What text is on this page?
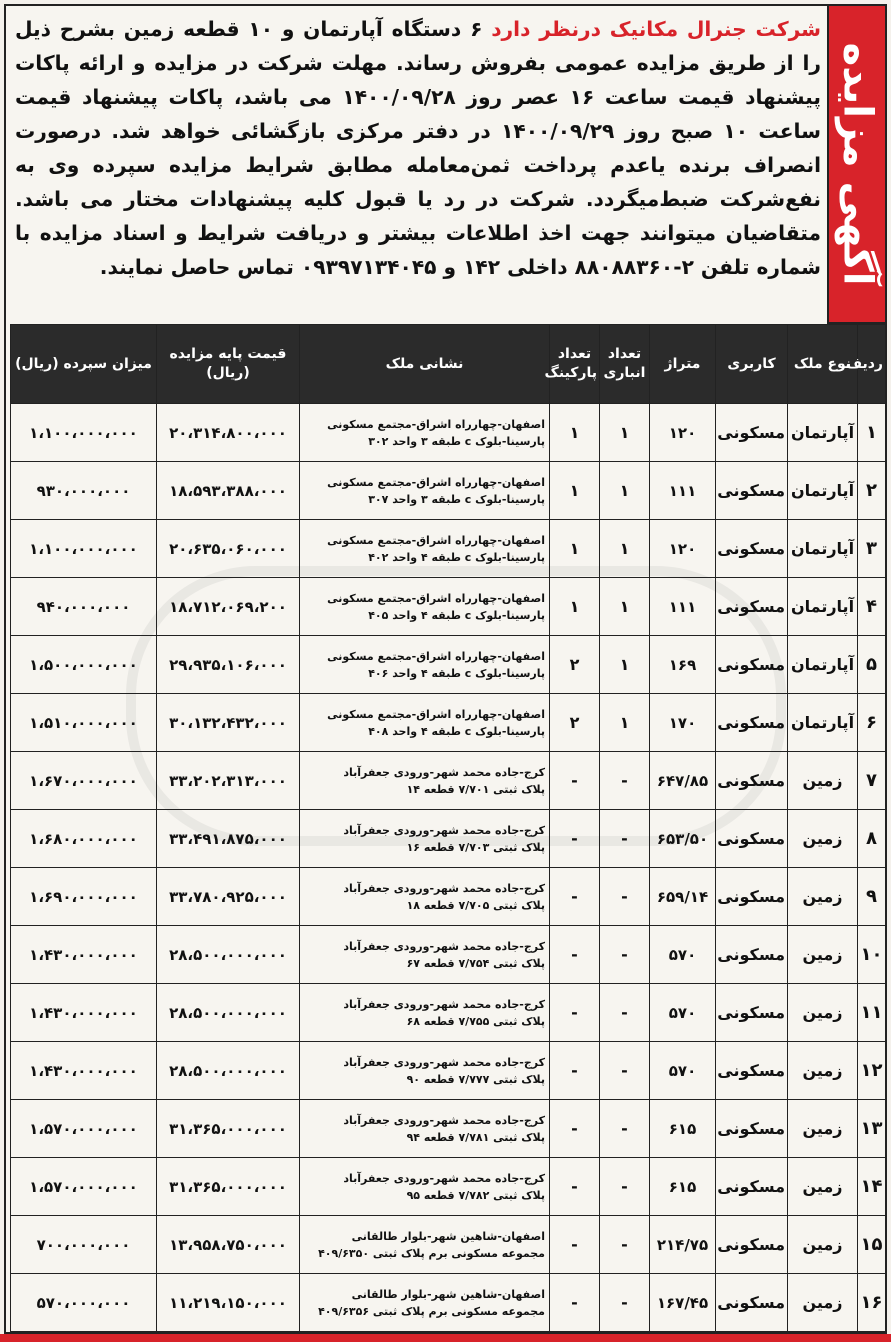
آگهی مزایده
شرکت جنرال مکانیک درنظر دارد ۶ دستگاه آپارتمان و ۱۰ قطعه زمین بشرح ذیل را از طریق مزایده عمومی بفروش رساند. مهلت شرکت در مزایده و ارائه پاکات پیشنهاد قیمت ساعت ۱۶ عصر روز ۱۴۰۰/۰۹/۲۸ می باشد، پاکات پیشنهاد قیمت ساعت ۱۰ صبح روز ۱۴۰۰/۰۹/۲۹ در دفتر مرکزی بازگشائی خواهد شد. درصورت انصراف برنده یاعدم پرداخت ثمن‌معامله مطابق شرایط مزایده سپرده وی به نفع‌شرکت ضبط‌میگردد. شرکت در رد یا قبول کلیه پیشنهادات مختار می باشد. متقاضیان میتوانند جهت اخذ اطلاعات بیشتر و دریافت شرایط و اسناد مزایده با شماره تلفن ۲-۸۸۰۸۸۳۶۰ داخلی ۱۴۲ و ۰۹۳۹۷۱۳۴۰۴۵ تماس حاصل نمایند.
ردیف	نوع ملک	کاربری	متراژ	تعداد انباری	تعداد پارکینگ	نشانی ملک	قیمت پایه مزایده (ریال)	میزان سپرده (ریال)
۱	آپارتمان	مسکونی	۱۲۰	۱	۱	اصفهان-چهارراه اشراق-مجتمع مسکونی
پارسینا-بلوک c طبقه ۳ واحد ۳۰۲	۲۰،۳۱۴،۸۰۰،۰۰۰	۱،۱۰۰،۰۰۰،۰۰۰
۲	آپارتمان	مسکونی	۱۱۱	۱	۱	اصفهان-چهارراه اشراق-مجتمع مسکونی
پارسینا-بلوک c طبقه ۳ واحد ۳۰۷	۱۸،۵۹۳،۳۸۸،۰۰۰	۹۳۰،۰۰۰،۰۰۰
۳	آپارتمان	مسکونی	۱۲۰	۱	۱	اصفهان-چهارراه اشراق-مجتمع مسکونی
پارسینا-بلوک c طبقه ۴ واحد ۴۰۲	۲۰،۶۳۵،۰۶۰،۰۰۰	۱،۱۰۰،۰۰۰،۰۰۰
۴	آپارتمان	مسکونی	۱۱۱	۱	۱	اصفهان-چهارراه اشراق-مجتمع مسکونی
پارسینا-بلوک c طبقه ۴ واحد ۴۰۵	۱۸،۷۱۲،۰۶۹،۲۰۰	۹۴۰،۰۰۰،۰۰۰
۵	آپارتمان	مسکونی	۱۶۹	۱	۲	اصفهان-چهارراه اشراق-مجتمع مسکونی
پارسینا-بلوک c طبقه ۴ واحد ۴۰۶	۲۹،۹۳۵،۱۰۶،۰۰۰	۱،۵۰۰،۰۰۰،۰۰۰
۶	آپارتمان	مسکونی	۱۷۰	۱	۲	اصفهان-چهارراه اشراق-مجتمع مسکونی
پارسینا-بلوک c طبقه ۴ واحد ۴۰۸	۳۰،۱۳۲،۴۳۲،۰۰۰	۱،۵۱۰،۰۰۰،۰۰۰
۷	زمین	مسکونی	۶۴۷/۸۵	-	-	کرج-جاده محمد شهر-ورودی جعفرآباد
پلاک ثبتی ۷/۷۰۱ قطعه ۱۴	۳۳،۲۰۲،۳۱۳،۰۰۰	۱،۶۷۰،۰۰۰،۰۰۰
۸	زمین	مسکونی	۶۵۳/۵۰	-	-	کرج-جاده محمد شهر-ورودی جعفرآباد
پلاک ثبتی ۷/۷۰۳ قطعه ۱۶	۳۳،۴۹۱،۸۷۵،۰۰۰	۱،۶۸۰،۰۰۰،۰۰۰
۹	زمین	مسکونی	۶۵۹/۱۴	-	-	کرج-جاده محمد شهر-ورودی جعفرآباد
پلاک ثبتی ۷/۷۰۵ قطعه ۱۸	۳۳،۷۸۰،۹۲۵،۰۰۰	۱،۶۹۰،۰۰۰،۰۰۰
۱۰	زمین	مسکونی	۵۷۰	-	-	کرج-جاده محمد شهر-ورودی جعفرآباد
پلاک ثبتی ۷/۷۵۴ قطعه ۶۷	۲۸،۵۰۰،۰۰۰،۰۰۰	۱،۴۳۰،۰۰۰،۰۰۰
۱۱	زمین	مسکونی	۵۷۰	-	-	کرج-جاده محمد شهر-ورودی جعفرآباد
پلاک ثبتی ۷/۷۵۵ قطعه ۶۸	۲۸،۵۰۰،۰۰۰،۰۰۰	۱،۴۳۰،۰۰۰،۰۰۰
۱۲	زمین	مسکونی	۵۷۰	-	-	کرج-جاده محمد شهر-ورودی جعفرآباد
پلاک ثبتی ۷/۷۷۷ قطعه ۹۰	۲۸،۵۰۰،۰۰۰،۰۰۰	۱،۴۳۰،۰۰۰،۰۰۰
۱۳	زمین	مسکونی	۶۱۵	-	-	کرج-جاده محمد شهر-ورودی جعفرآباد
پلاک ثبتی ۷/۷۸۱ قطعه ۹۴	۳۱،۳۶۵،۰۰۰،۰۰۰	۱،۵۷۰،۰۰۰،۰۰۰
۱۴	زمین	مسکونی	۶۱۵	-	-	کرج-جاده محمد شهر-ورودی جعفرآباد
پلاک ثبتی ۷/۷۸۲ قطعه ۹۵	۳۱،۳۶۵،۰۰۰،۰۰۰	۱،۵۷۰،۰۰۰،۰۰۰
۱۵	زمین	مسکونی	۲۱۴/۷۵	-	-	اصفهان-شاهین شهر-بلوار طالقانی
مجموعه مسکونی برم پلاک ثبتی ۴۰۹/۶۳۵۰	۱۳،۹۵۸،۷۵۰،۰۰۰	۷۰۰،۰۰۰،۰۰۰
۱۶	زمین	مسکونی	۱۶۷/۴۵	-	-	اصفهان-شاهین شهر-بلوار طالقانی
مجموعه مسکونی برم پلاک ثبتی ۴۰۹/۶۳۵۶	۱۱،۲۱۹،۱۵۰،۰۰۰	۵۷۰،۰۰۰،۰۰۰
